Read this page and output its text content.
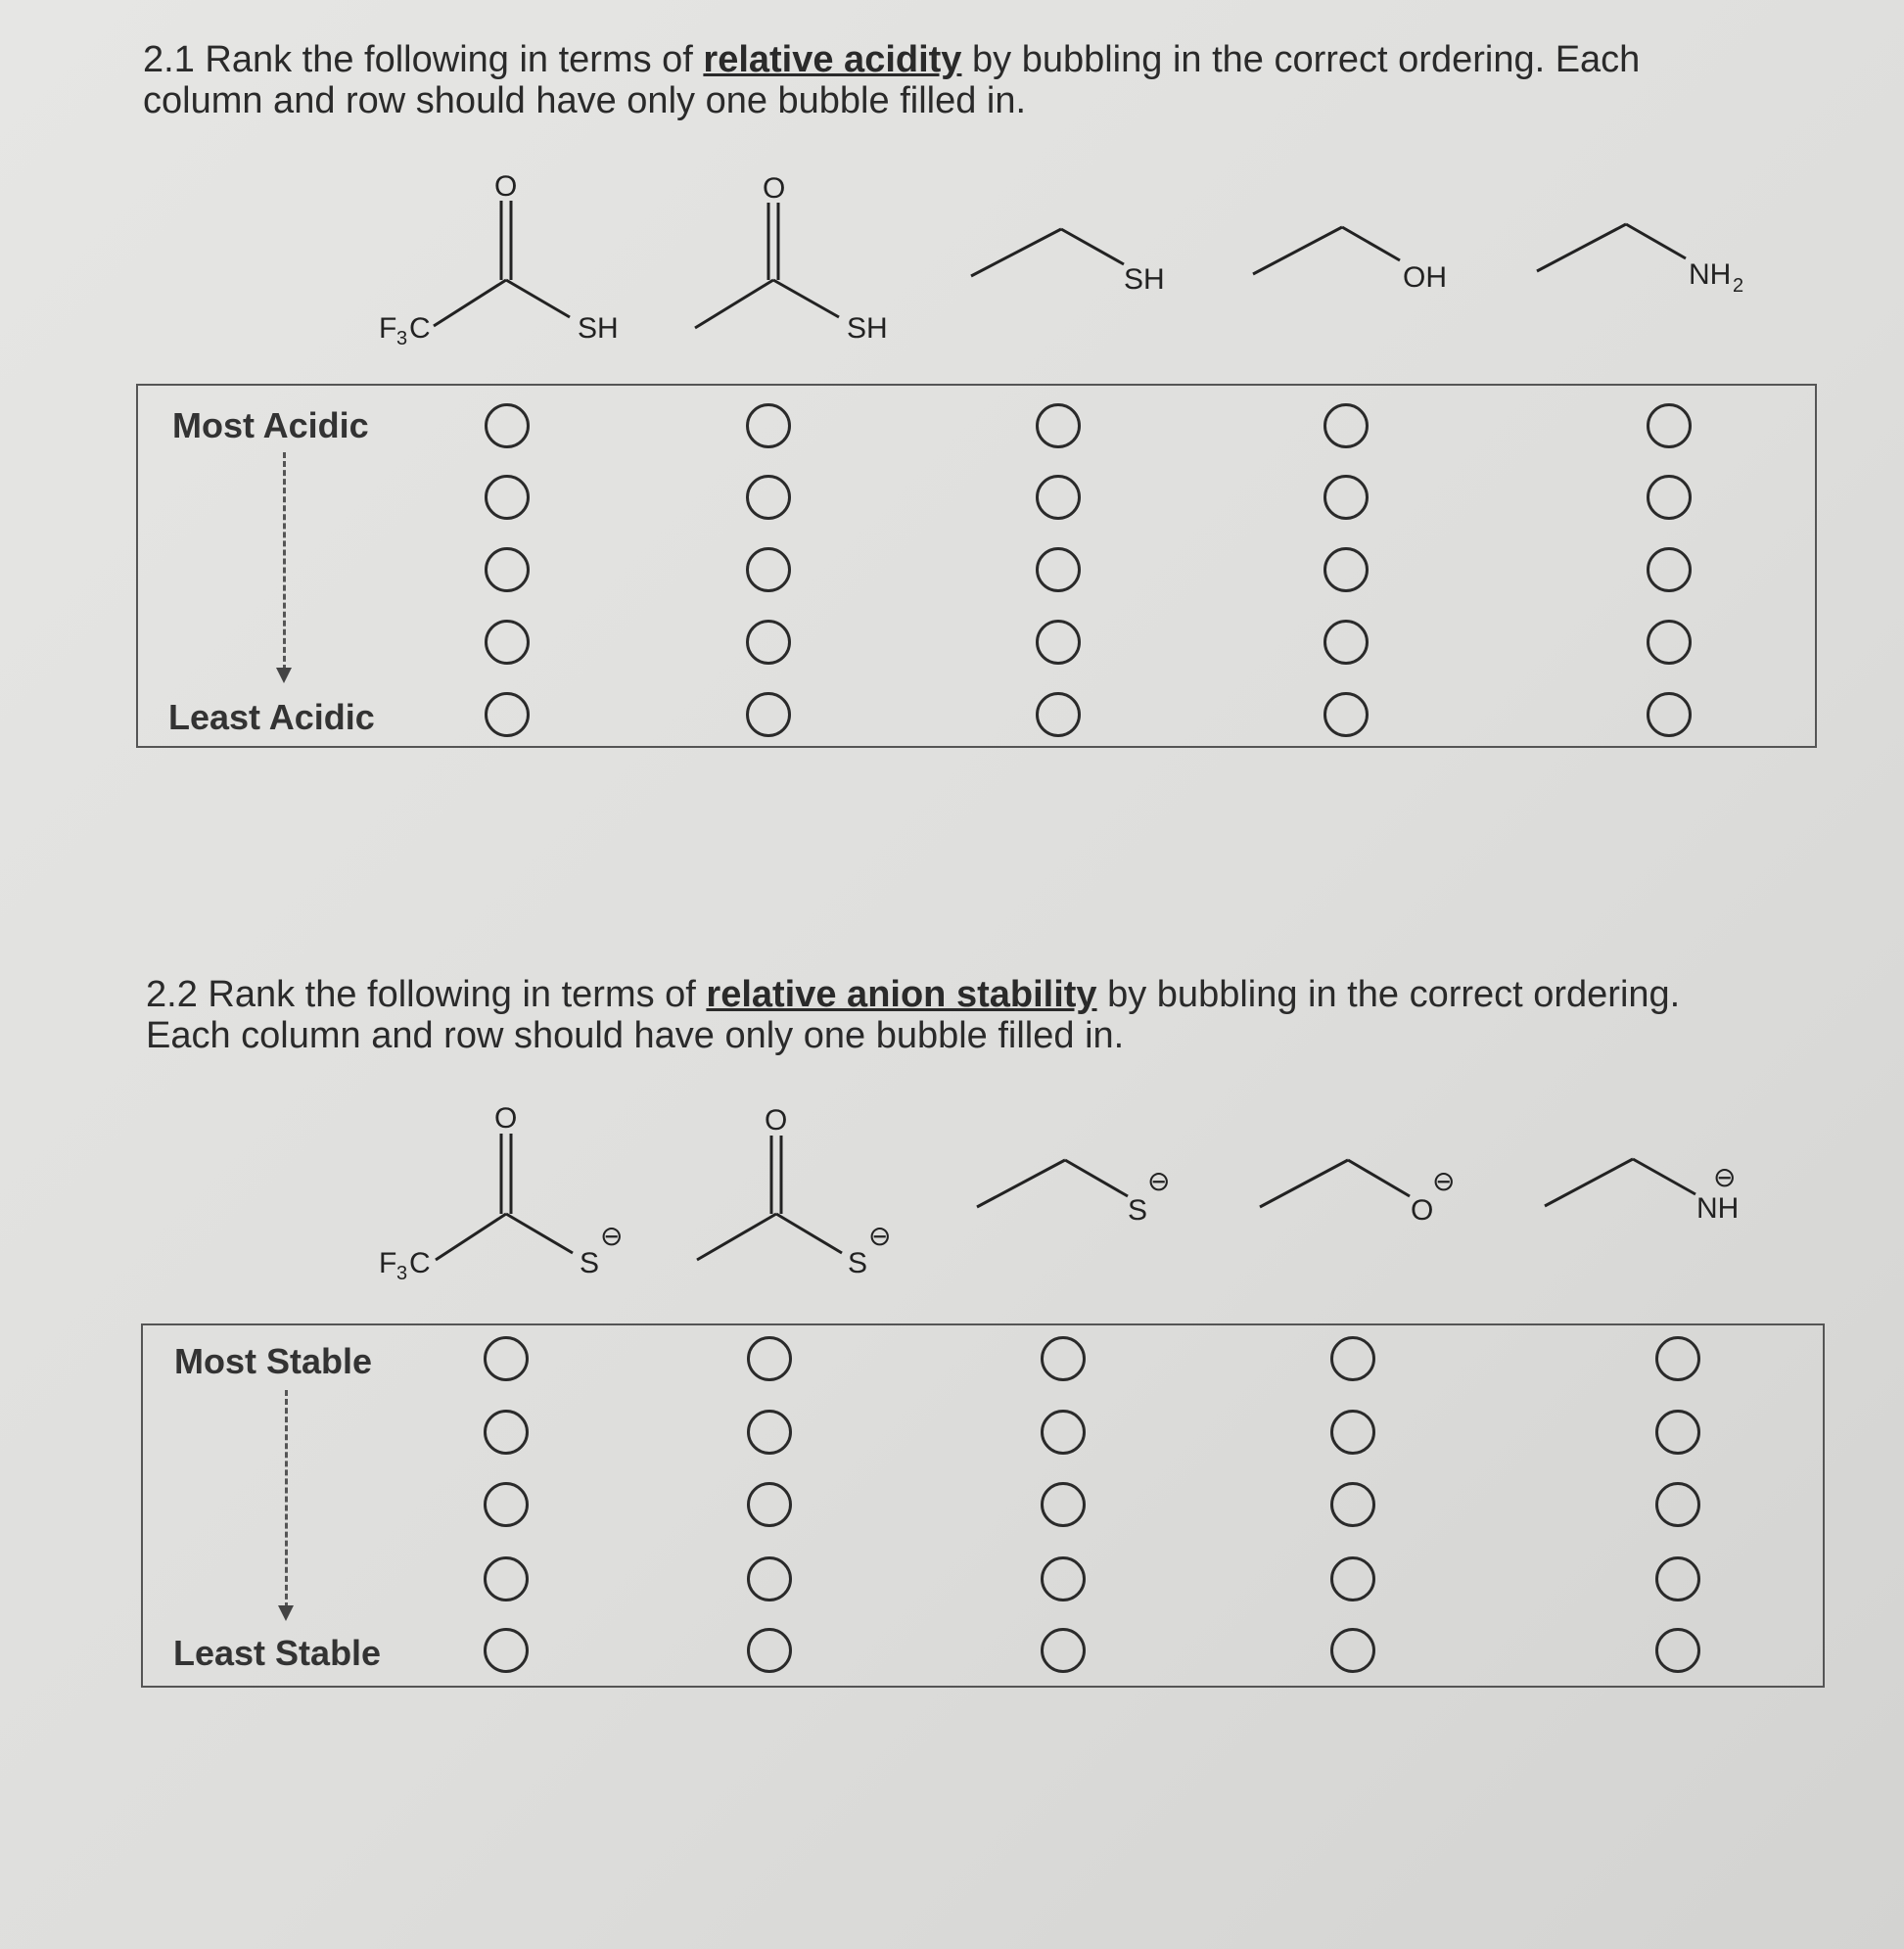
2.1 Rank the following in terms of relative acidity by bubbling in the correct ordering. Each column and row should have only one bubble filled in.
O
F 3 C	SH
O
SH
SH	OH	NH 2
Most Acidic
Least Acidic
2.2 Rank the following in terms of relative anion stability by bubbling in the correct ordering. Each column and row should have only one bubble filled in.
O
F 3 C	S
⊖
O
S
⊖
S
⊖
O
⊖
NH
⊖
Most Stable
Least Stable
